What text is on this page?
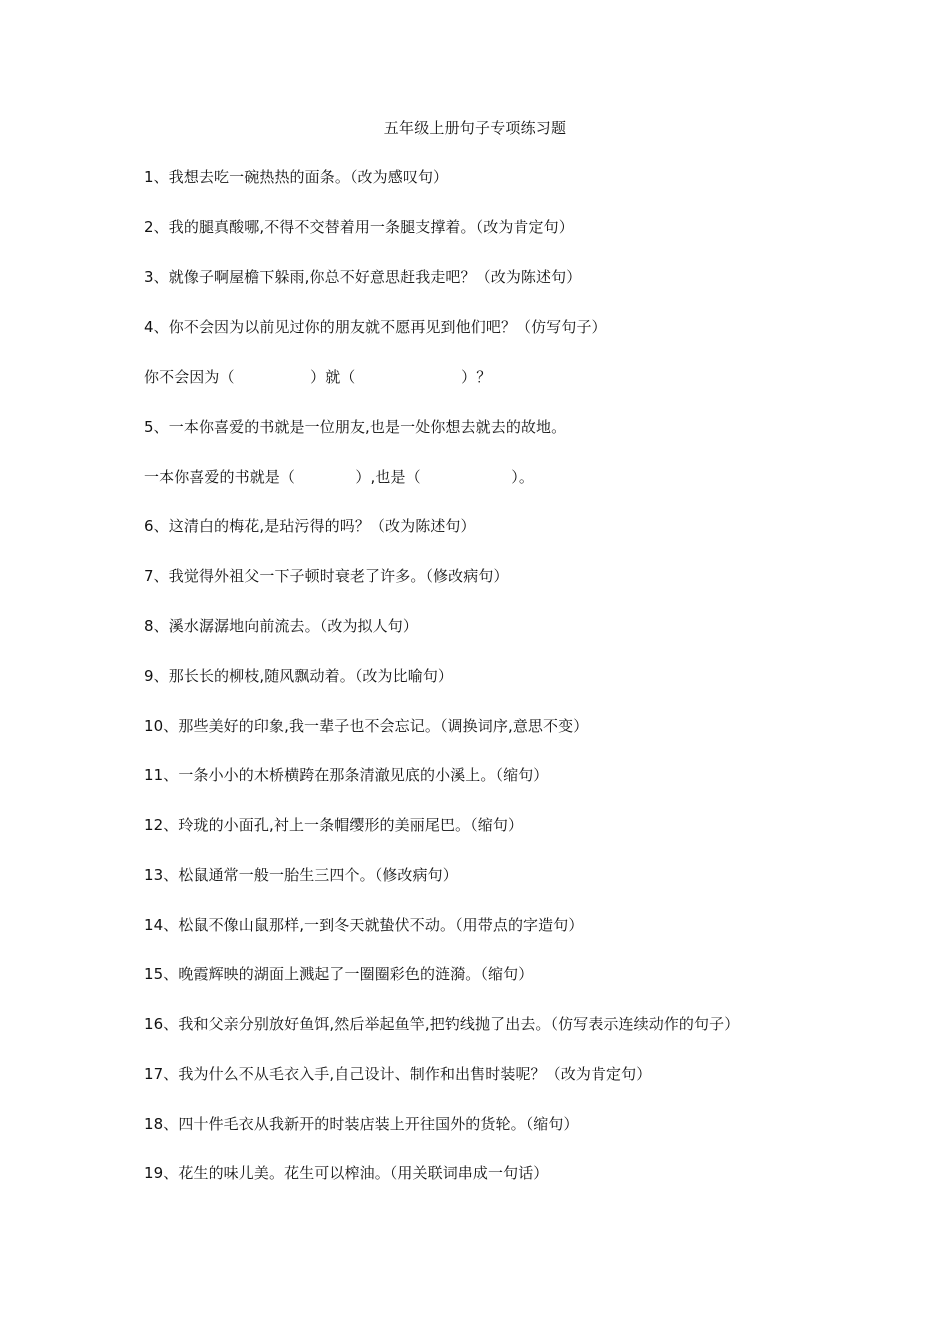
五年级上册句子专项练习题
1、我想去吃一碗热热的面条。（改为感叹句）
2、我的腿真酸哪,不得不交替着用一条腿支撑着。（改为肯定句）
3、就像子啊屋檐下躲雨,你总不好意思赶我走吧？（改为陈述句）
4、你不会因为以前见过你的朋友就不愿再见到他们吧？（仿写句子）
你不会因为（　　　　　）就（　　　　　　　）？
5、一本你喜爱的书就是一位朋友,也是一处你想去就去的故地。
一本你喜爱的书就是（　　　　）,也是（　　　　　　）。
6、这清白的梅花,是玷污得的吗？（改为陈述句）
7、我觉得外祖父一下子顿时衰老了许多。（修改病句）
8、溪水潺潺地向前流去。（改为拟人句）
9、那长长的柳枝,随风飘动着。（改为比喻句）
10、那些美好的印象,我一辈子也不会忘记。（调换词序,意思不变）
11、一条小小的木桥横跨在那条清澈见底的小溪上。（缩句）
12、玲珑的小面孔,衬上一条帽缨形的美丽尾巴。（缩句）
13、松鼠通常一般一胎生三四个。（修改病句）
14、松鼠不像山鼠那样,一到冬天就蛰伏不动。（用带点的字造句）
15、晚霞辉映的湖面上溅起了一圈圈彩色的涟漪。（缩句）
16、我和父亲分别放好鱼饵,然后举起鱼竿,把钓线抛了出去。（仿写表示连续动作的句子）
17、我为什么不从毛衣入手,自己设计、制作和出售时装呢？（改为肯定句）
18、四十件毛衣从我新开的时装店装上开往国外的货轮。（缩句）
19、花生的味儿美。花生可以榨油。（用关联词串成一句话）
